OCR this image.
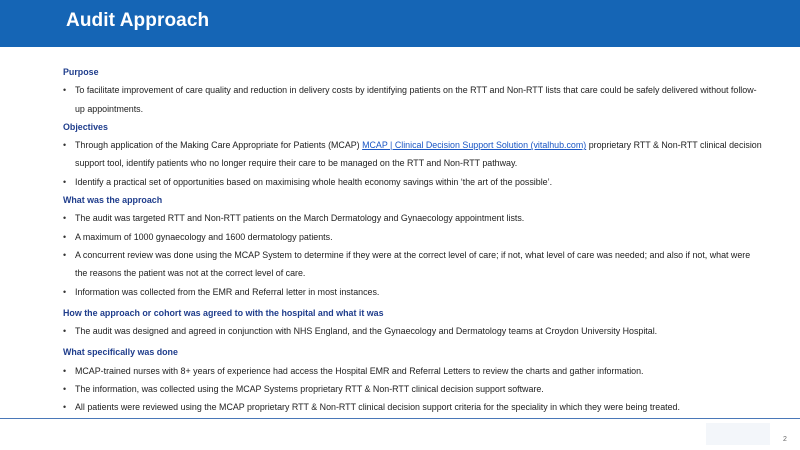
Audit Approach

Purpose

• To facilitate improvement of care quality and reduction in delivery costs by identifying patients on the RTT and Non-RTT lists that care could be safely delivered without follow-up appointments.

Objectives

• Through application of the Making Care Appropriate for Patients (MCAP) MCAP | Clinical Decision Support Solution (vitalhub.com) proprietary RTT & Non-RTT clinical decision support tool, identify patients who no longer require their care to be managed on the RTT and Non-RTT pathway.
• Identify a practical set of opportunities based on maximising whole health economy savings within ‘the art of the possible’.

What was the approach

• The audit was targeted RTT and Non-RTT patients on the March Dermatology and Gynaecology appointment lists.
• A maximum of 1000 gynaecology and 1600 dermatology patients.
• A concurrent review was done using the MCAP System to determine if they were at the correct level of care; if not, what level of care was needed; and also if not, what were the reasons the patient was not at the correct level of care.
• Information was collected from the EMR and Referral letter in most instances.

How the approach or cohort was agreed to with the hospital and what it was

• The audit was designed and agreed in conjunction with NHS England, and the Gynaecology and Dermatology teams at Croydon University Hospital.

What specifically was done

• MCAP-trained nurses with 8+ years of experience had access the Hospital EMR and Referral Letters to review the charts and gather information.
• The information, was collected using the MCAP Systems proprietary RTT & Non-RTT clinical decision support software.
• All patients were reviewed using the MCAP proprietary RTT & Non-RTT clinical decision support criteria for the speciality in which they were being treated.
2
